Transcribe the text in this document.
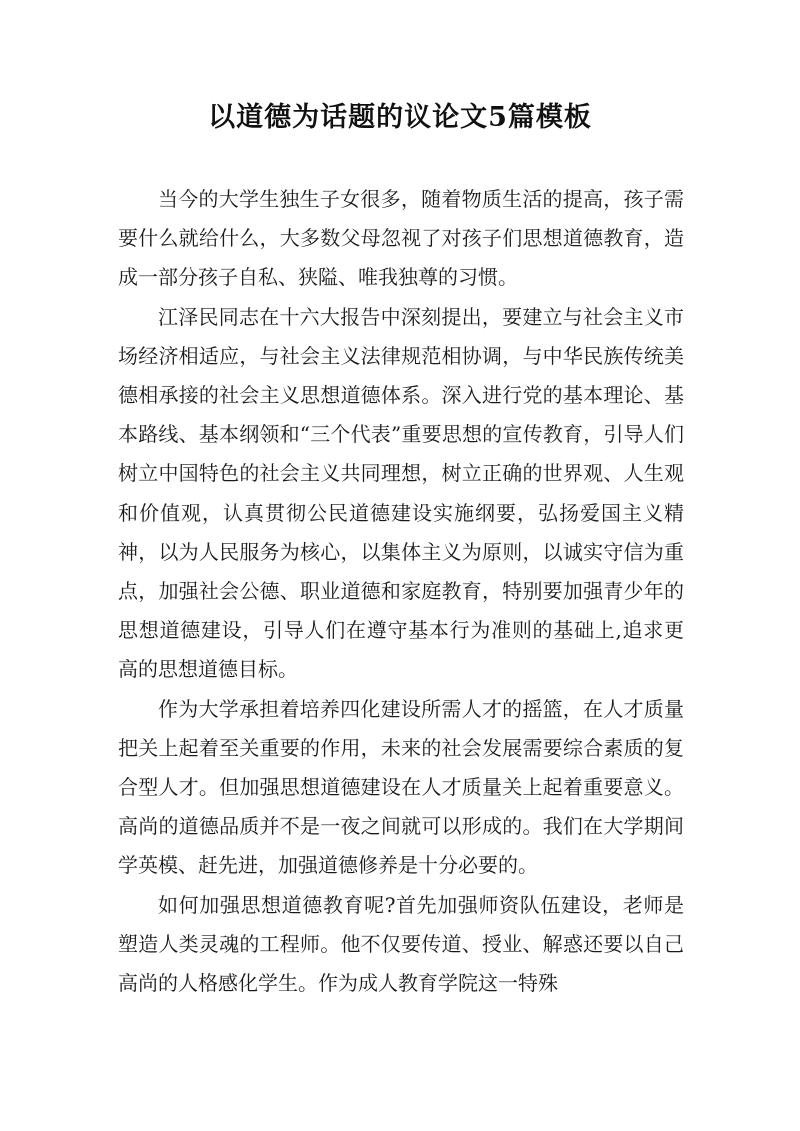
以道德为话题的议论文5篇模板

当今的大学生独生子女很多，随着物质生活的提高，孩子需要什么就给什么，大多数父母忽视了对孩子们思想道德教育，造成一部分孩子自私、狭隘、唯我独尊的习惯。

江泽民同志在十六大报告中深刻提出，要建立与社会主义市场经济相适应，与社会主义法律规范相协调，与中华民族传统美德相承接的社会主义思想道德体系。深入进行党的基本理论、基本路线、基本纲领和“三个代表”重要思想的宣传教育，引导人们树立中国特色的社会主义共同理想，树立正确的世界观、人生观和价值观，认真贯彻公民道德建设实施纲要，弘扬爱国主义精神，以为人民服务为核心，以集体主义为原则，以诚实守信为重点，加强社会公德、职业道德和家庭教育，特别要加强青少年的思想道德建设，引导人们在遵守基本行为准则的基础上,追求更高的思想道德目标。

作为大学承担着培养四化建设所需人才的摇篮，在人才质量把关上起着至关重要的作用，未来的社会发展需要综合素质的复合型人才。但加强思想道德建设在人才质量关上起着重要意义。高尚的道德品质并不是一夜之间就可以形成的。我们在大学期间学英模、赶先进，加强道德修养是十分必要的。

如何加强思想道德教育呢?首先加强师资队伍建设，老师是塑造人类灵魂的工程师。他不仅要传道、授业、解惑还要以自己高尚的人格感化学生。作为成人教育学院这一特殊
